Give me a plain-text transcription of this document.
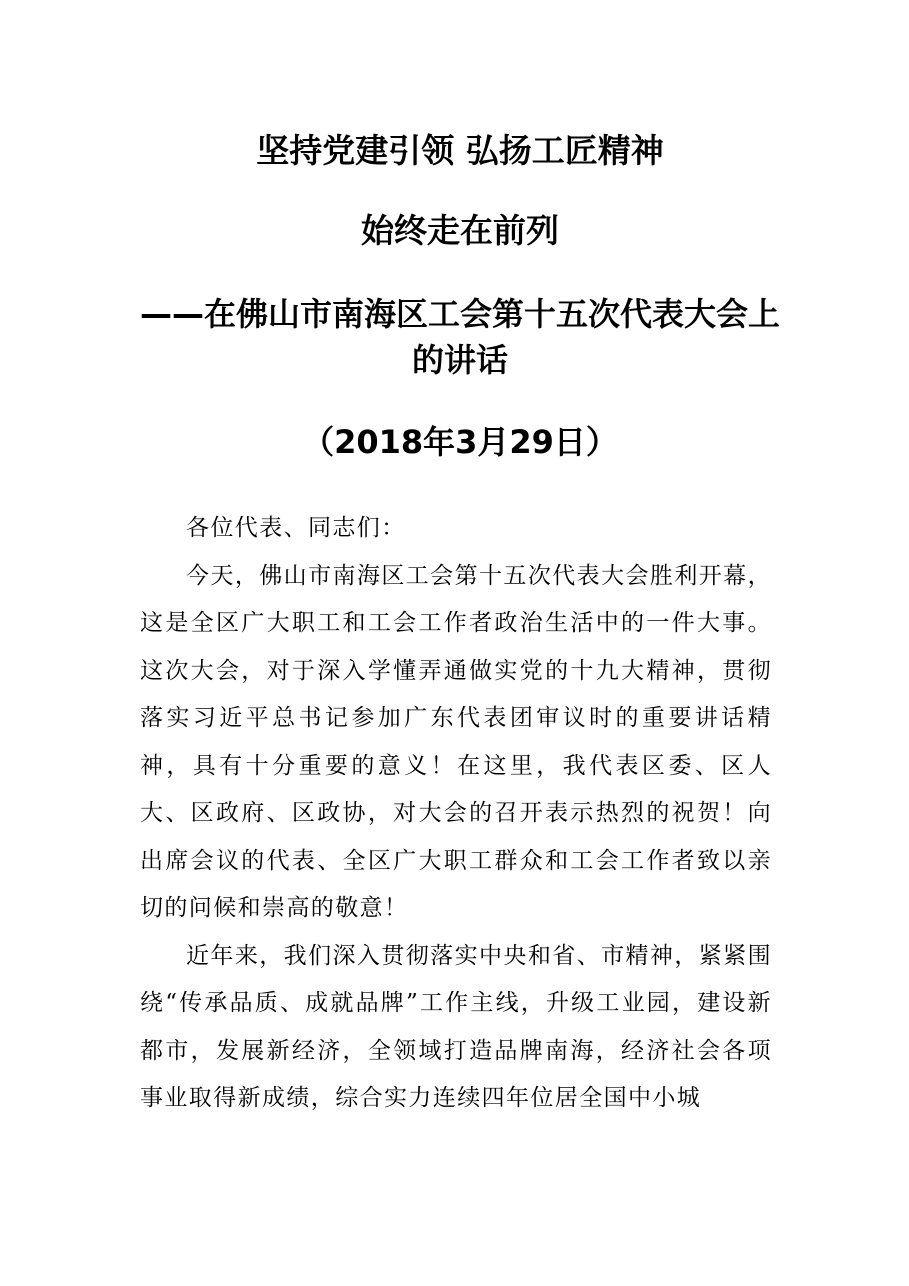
坚持党建引领 弘扬工匠精神
始终走在前列
——在佛山市南海区工会第十五次代表大会上的讲话
（2018年3月29日）

各位代表、同志们：

今天，佛山市南海区工会第十五次代表大会胜利开幕，这是全区广大职工和工会工作者政治生活中的一件大事。这次大会，对于深入学懂弄通做实党的十九大精神，贯彻落实习近平总书记参加广东代表团审议时的重要讲话精神，具有十分重要的意义！在这里，我代表区委、区人大、区政府、区政协，对大会的召开表示热烈的祝贺！向出席会议的代表、全区广大职工群众和工会工作者致以亲切的问候和崇高的敬意！

近年来，我们深入贯彻落实中央和省、市精神，紧紧围绕“传承品质、成就品牌”工作主线，升级工业园，建设新都市，发展新经济，全领域打造品牌南海，经济社会各项事业取得新成绩，综合实力连续四年位居全国中小城
